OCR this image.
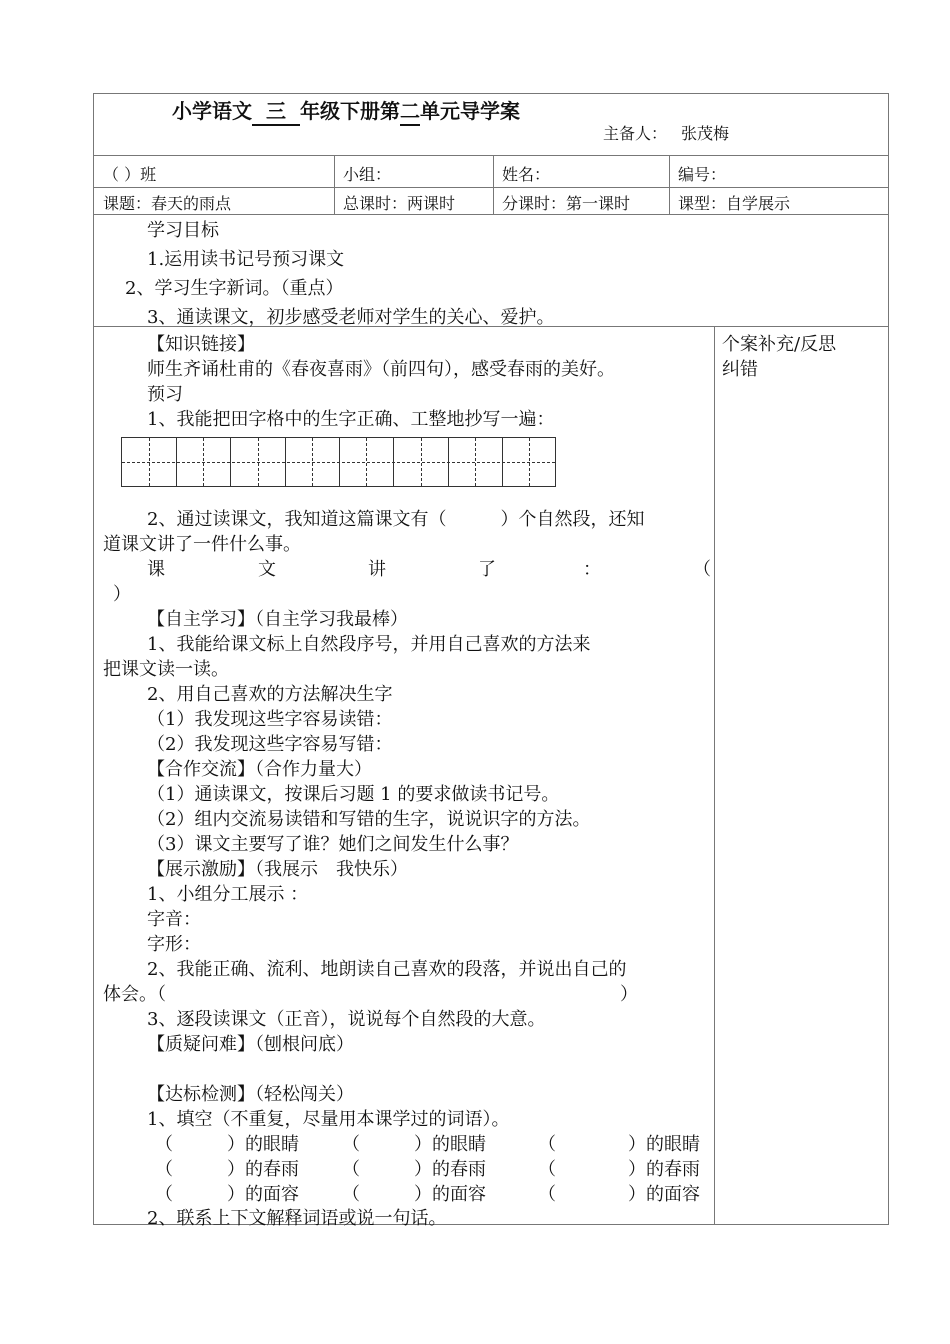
小学语文 三 年级下册第二单元导学案
主备人： 张茂梅
（ ）班	小组：	姓名：	编号：
课题：春天的雨点	总课时：两课时	分课时：第一课时	课型：自学展示
学习目标
1.运用读书记号预习课文
2、学习生字新词。（重点）
3、通读课文，初步感受老师对学生的关心、爱护。
个案补充/反思
纠错
【知识链接】
师生齐诵杜甫的《春夜喜雨》（前四句），感受春雨的美好。
预习
1、我能把田字格中的生字正确、工整地抄写一遍：
2、通过读课文，我知道这篇课文有（　　　）个自然段，还知
道课文讲了一件什么事。
课	文	讲	了	：	（
）
【自主学习】（自主学习我最棒）
1、我能给课文标上自然段序号，并用自己喜欢的方法来
把课文读一读。
2、用自己喜欢的方法解决生字
（1）我发现这些字容易读错：
（2）我发现这些字容易写错：
【合作交流】（合作力量大）
（1）通读课文，按课后习题 1 的要求做读书记号。
（2）组内交流易读错和写错的生字，说说识字的方法。
（3）课文主要写了谁？她们之间发生什么事？
【展示激励】（我展示　我快乐）
1、小组分工展示 ：
字音：
字形：
2、我能正确、流利、地朗读自己喜欢的段落，并说出自己的
体会。（	）
3、逐段读课文（正音），说说每个自然段的大意。
【质疑问难】（刨根问底）
【达标检测】（轻松闯关）
1、填空（不重复，尽量用本课学过的词语）。
（　　　）的眼睛 （　　　）的眼睛	（　　　　）的眼睛
（　　　）的春雨 （　　　）的春雨	（　　　　）的春雨
（　　　）的面容 （　　　）的面容	（　　　　）的面容
2、联系上下文解释词语或说一句话。
